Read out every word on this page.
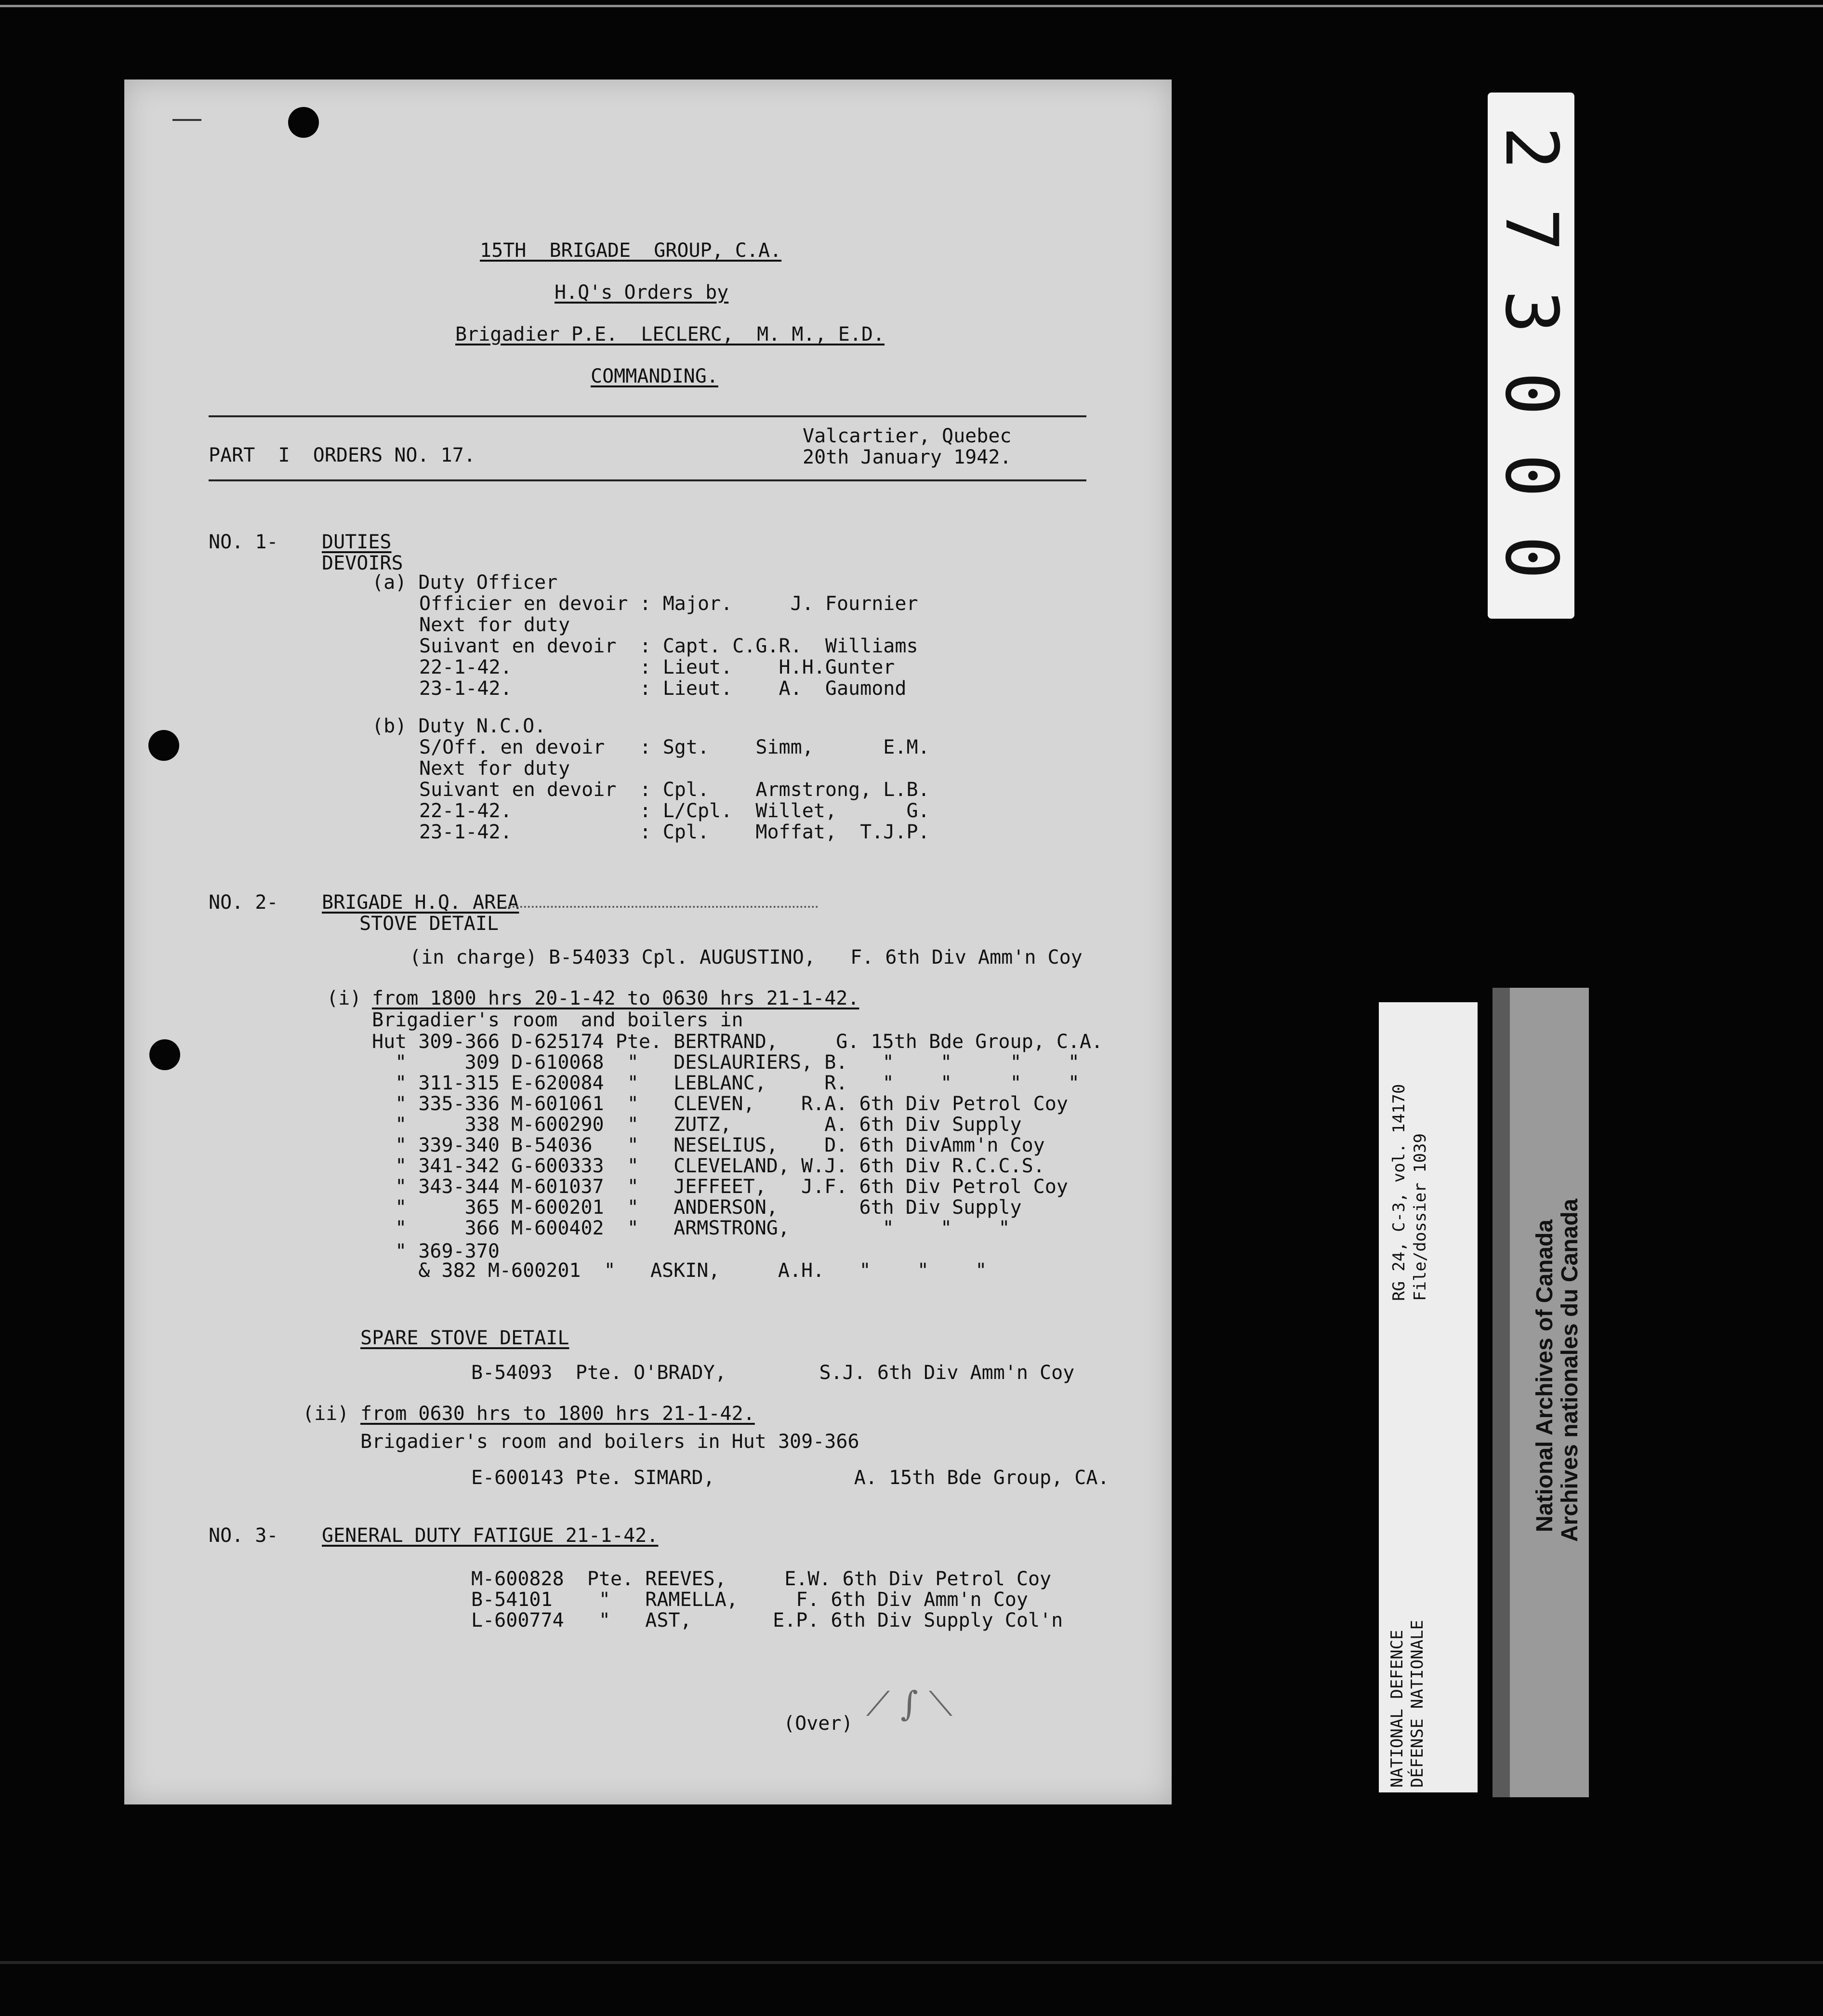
15TH  BRIGADE  GROUP, C.A.
H.Q's Orders by
Brigadier P.E.  LECLERC,  M. M., E.D.
COMMANDING.
PART  I  ORDERS NO. 17.
Valcartier, Quebec
20th January 1942.
NO. 1- DUTIES
DEVOIRS
(a) Duty Officer
Officier en devoir : Major.     J. Fournier
Next for duty
Suivant en devoir  : Capt. C.G.R.  Williams
22-1-42.           : Lieut.    H.H.Gunter
23-1-42.           : Lieut.    A.  Gaumond
(b) Duty N.C.O.
S/Off. en devoir   : Sgt.    Simm,      E.M.
Next for duty
Suivant en devoir  : Cpl.    Armstrong, L.B.
22-1-42.           : L/Cpl.  Willet,      G.
23-1-42.           : Cpl.    Moffat,  T.J.P.
NO. 2- BRIGADE H.Q. AREA
STOVE DETAIL
(in charge) B-54033 Cpl. AUGUSTINO,   F. 6th Div Amm'n Coy
(i) from 1800 hrs 20-1-42 to 0630 hrs 21-1-42.
Brigadier's room  and boilers in
Hut 309-366 D-625174 Pte. BERTRAND,     G. 15th Bde Group, C.A.
"     309 D-610068  "   DESLAURIERS, B.   "    "     "    "
" 311-315 E-620084  "   LEBLANC,     R.   "    "     "    "
" 335-336 M-601061  "   CLEVEN,    R.A. 6th Div Petrol Coy
"     338 M-600290  "   ZUTZ,        A. 6th Div Supply
" 339-340 B-54036   "   NESELIUS,    D. 6th DivAmm'n Coy
" 341-342 G-600333  "   CLEVELAND, W.J. 6th Div R.C.C.S.
" 343-344 M-601037  "   JEFFEET,   J.F. 6th Div Petrol Coy
"     365 M-600201  "   ANDERSON,       6th Div Supply
"     366 M-600402  "   ARMSTRONG,        "    "    "
" 369-370
& 382 M-600201  "   ASKIN,     A.H.   "    "    "
SPARE STOVE DETAIL
B-54093  Pte. O'BRADY,        S.J. 6th Div Amm'n Coy
(ii) from 0630 hrs to 1800 hrs 21-1-42.
Brigadier's room and boilers in Hut 309-366
E-600143 Pte. SIMARD,            A. 15th Bde Group, CA.
NO. 3- GENERAL DUTY FATIGUE 21-1-42.
M-600828  Pte. REEVES,     E.W. 6th Div Petrol Coy
B-54101    "   RAMELLA,     F. 6th Div Amm'n Coy
L-600774   "   AST,       E.P. 6th Div Supply Col'n
(Over) ⟋ ∫ ⟍
2
7
3
0
0
0
RG 24, C-3, vol. 14170 File/dossier 1039
NATIONAL DEFENCE DÉFENSE NATIONALE
National Archives of Canada Archives nationales du Canada
